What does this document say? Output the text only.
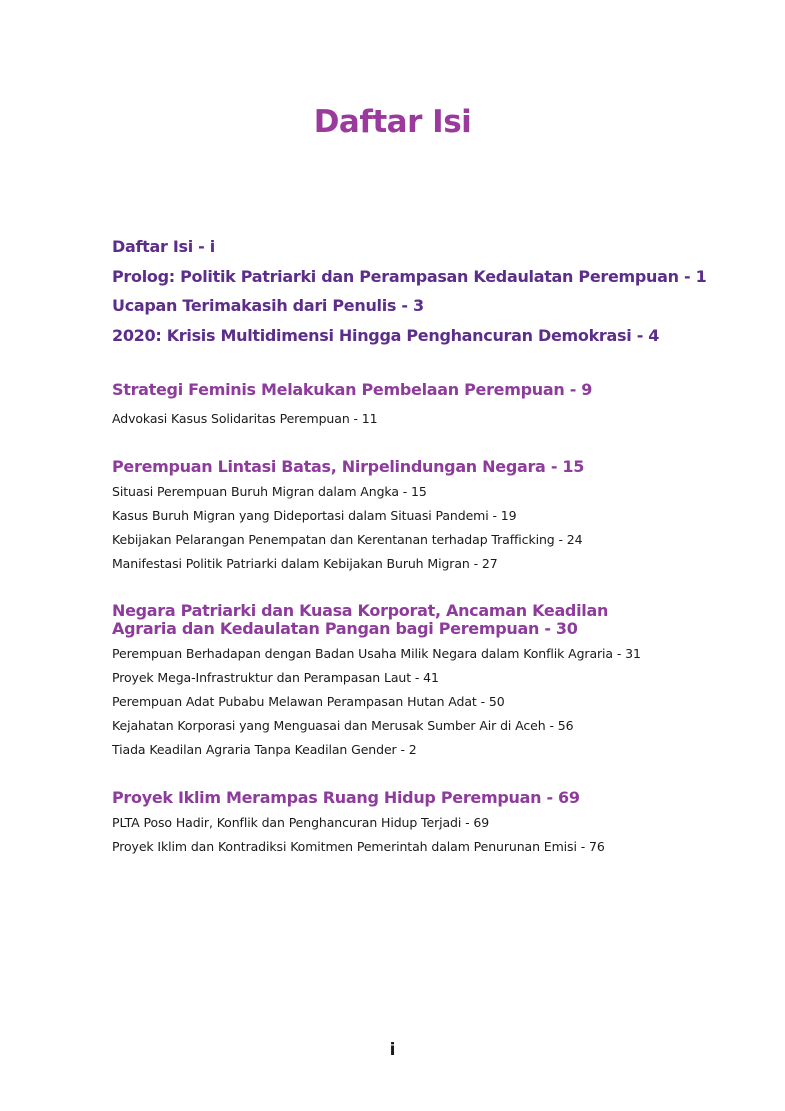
Daftar Isi
Daftar Isi - i
Prolog: Politik Patriarki dan Perampasan Kedaulatan Perempuan - 1
Ucapan Terimakasih dari Penulis - 3
2020: Krisis Multidimensi Hingga Penghancuran Demokrasi - 4
Strategi Feminis Melakukan Pembelaan Perempuan - 9
Advokasi Kasus Solidaritas Perempuan - 11
Perempuan Lintasi Batas, Nirpelindungan Negara - 15
Situasi Perempuan Buruh Migran dalam Angka - 15
Kasus Buruh Migran yang Dideportasi dalam Situasi Pandemi - 19
Kebijakan Pelarangan Penempatan dan Kerentanan terhadap Trafficking - 24
Manifestasi Politik Patriarki dalam Kebijakan Buruh Migran - 27
Negara Patriarki dan Kuasa Korporat, Ancaman Keadilan Agraria dan Kedaulatan Pangan bagi Perempuan - 30
Perempuan Berhadapan dengan Badan Usaha Milik Negara dalam Konflik Agraria - 31
Proyek Mega-Infrastruktur dan Perampasan Laut - 41
Perempuan Adat Pubabu Melawan Perampasan Hutan Adat - 50
Kejahatan Korporasi yang Menguasai dan Merusak Sumber Air di Aceh - 56
Tiada Keadilan Agraria Tanpa Keadilan Gender - 2
Proyek Iklim Merampas Ruang Hidup Perempuan - 69
PLTA Poso Hadir, Konflik dan Penghancuran Hidup Terjadi - 69
Proyek Iklim dan Kontradiksi Komitmen Pemerintah dalam Penurunan Emisi - 76
i
